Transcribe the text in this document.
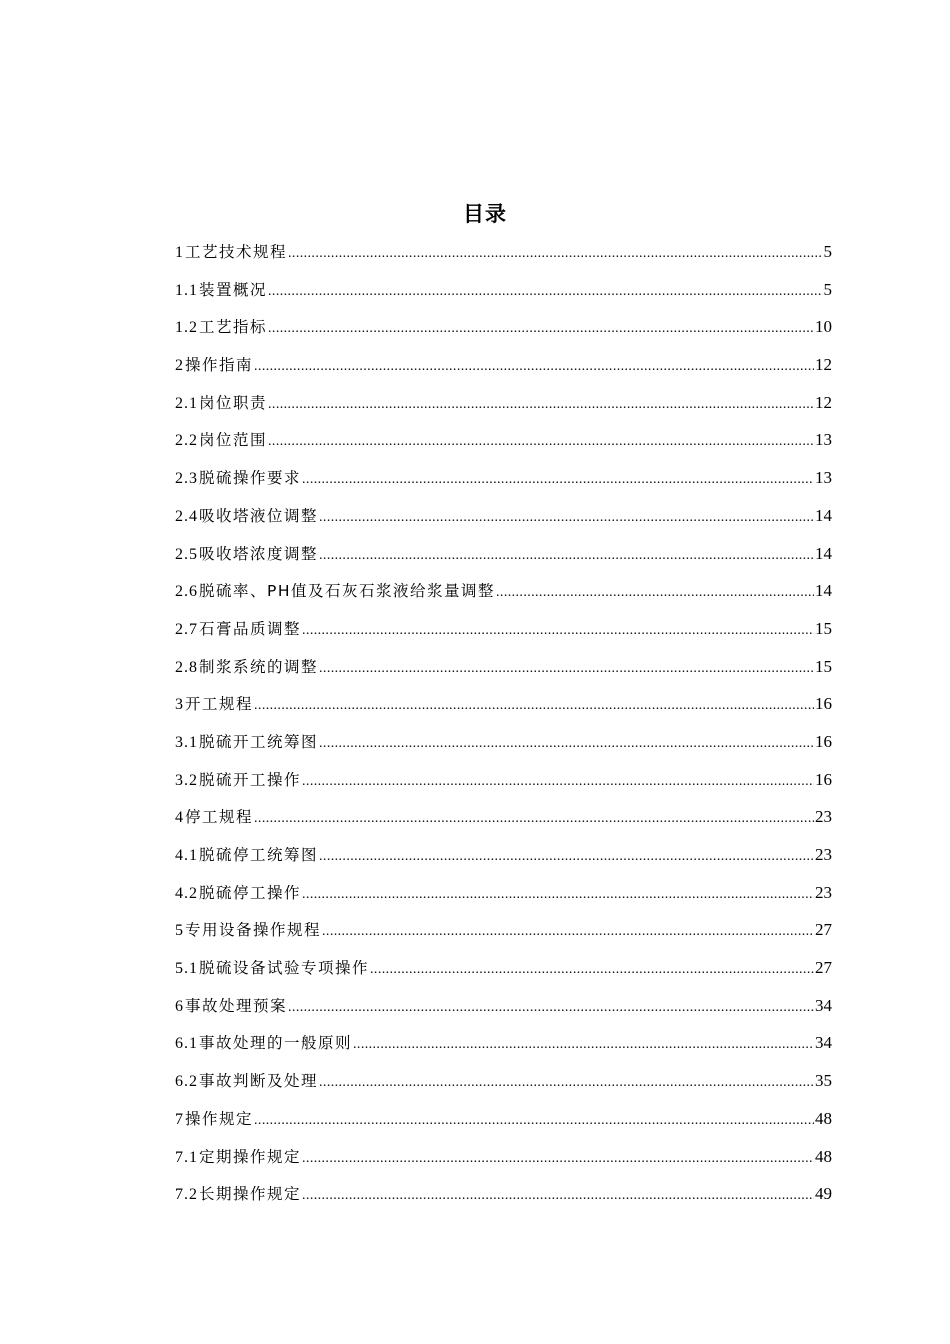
目录
1 工艺技术规程 .....	5
1.1 装置概况 .....	5
1.2 工艺指标 .....	10
2 操作指南 .....	12
2.1 岗位职责 .....	12
2.2 岗位范围 .....	13
2.3 脱硫操作要求 .....	13
2.4 吸收塔液位调整 .....	14
2.5 吸收塔浓度调整 .....	14
2.6 脱硫率、PH值及石灰石浆液给浆量调整 .....	14
2.7 石膏品质调整 .....	15
2.8 制浆系统的调整 .....	15
3 开工规程 .....	16
3.1 脱硫开工统筹图 .....	16
3.2 脱硫开工操作 .....	16
4 停工规程 .....	23
4.1 脱硫停工统筹图 .....	23
4.2 脱硫停工操作 .....	23
5 专用设备操作规程 .....	27
5.1 脱硫设备试验专项操作 .....	27
6 事故处理预案 .....	34
6.1 事故处理的一般原则 .....	34
6.2 事故判断及处理 .....	35
7 操作规定 .....	48
7.1 定期操作规定 .....	48
7.2 长期操作规定 .....	49
